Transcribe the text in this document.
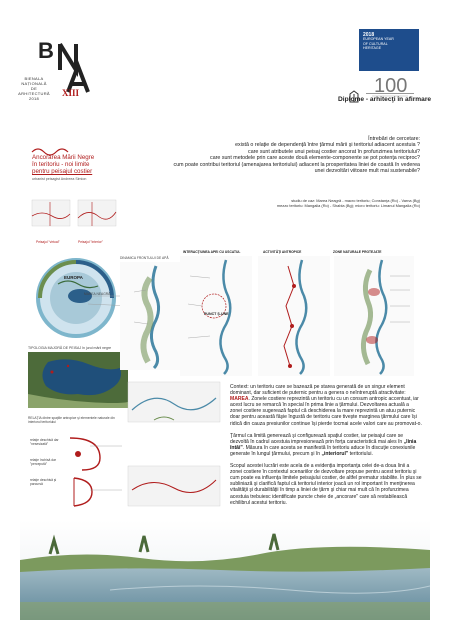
B
BIENALA
NAȚIONALĂ
DE
ARHITECTURĂ
2018
XIII
2018
EUROPEAN YEAR
OF CULTURAL
HERITAGE
100
Diplome - arhitecţi în afirmare
Ancorarea Mării Negre
în teritoriu - noi limite
pentru peisajul costier
urbanist peisagist Andreea Simion
Întrebări de cercetare:
există o relaţie de dependenţă între ţărmul mării şi teritoriul adiacent acestuia ?
care sunt atributele unui peisaj costier ancorat în profunzimea teritoriului?
care sunt metodele prin care aceste două elemente-componente se pot potenţa reciproc?
cum poate contribui teritoriul (amenajarea teritoriului) adiacent la prosperitatea liniei de coastă în vederea
unei dezvoltări viitoare mult mai sustenabile?
studiu de caz: Marea Neagră - macro teritoriu; Constanţa (Ro) - Varna (Bg)
mezzo teritoriu: Mangalia (Ro) - Shabla (Bg); micro teritoriu: Limanul Mangalia (Ro)
Peisajul "virtual"	Peisajul "interior"
EUROPA
MAREA NEAGRĂ
TIPOLOGIA MAJORĂ DE PEISAJ în jurul mării negre
RELAŢIA dintre spaţiile antropice şi elementele naturale din interiorul teritoriului
relaţie deschisă dar "nesesizată"
relaţie închisă dar "percepută"
relaţie deschisă şi parcursă
DINAMICA FRONTULUI DE APĂ
INTERACŢIUNEA APEI CU USCATUL	ACTIVITĂŢI ANTROPICE	ZONE NATURALE PROTEJATE
PUNCT Ş-UNE

Context: un teritoriu care se bazează pe starea generată de un singur element dominant, dar suficient de puternic pentru a genera o neîntreruptă atractivitate: MAREA. Zonele costiere reprezintă un teritoriu cu un consum antropic accentuat, iar acest lucru se remarcă în special în prima linie a ţărmului. Dezvoltarea actuală a zonei costiere sugerează faptul că deschiderea la mare reprezintă un atuu puternic doar pentru această fâşie îngustă de teritoriu care tivește marginea ţărmului care își ridică din cauza presiunilor continue își pierde tocmai acele valori care au promovat-o.

Ţărmul ca limită generează şi configurează spaţiul costier, iar peisajul care se dezvoltă în cadrul acestuia impresionează prin forţa caracteristică mai ales în „linia întâi". Măsura în care acesta se manifestă în teritoriu aduce în discuţie conexiunile generate în lungul ţărmului, precum şi în „interiorul" teritoriului.

Scopul acestei lucrări este acela de a evidenţia importanţa celei de-a doua linii a zonei costiere în contextul scenariilor de dezvoltare propuse pentru acest teritoriu şi cum poate ea influenţa limitele peisajului costier, de altfel prematur stabilite. În plus se subliniază şi clarifică faptul că teritoriul interior joacă un rol important în menţinerea vitalităţii şi durabilităţii în timp a liniei de ţărm şi chiar mai mult că în profunzimea acestuia trebuiesc identificate puncte cheie de „ancorare" care să restabilească echilibrul acestui teritoriu.
